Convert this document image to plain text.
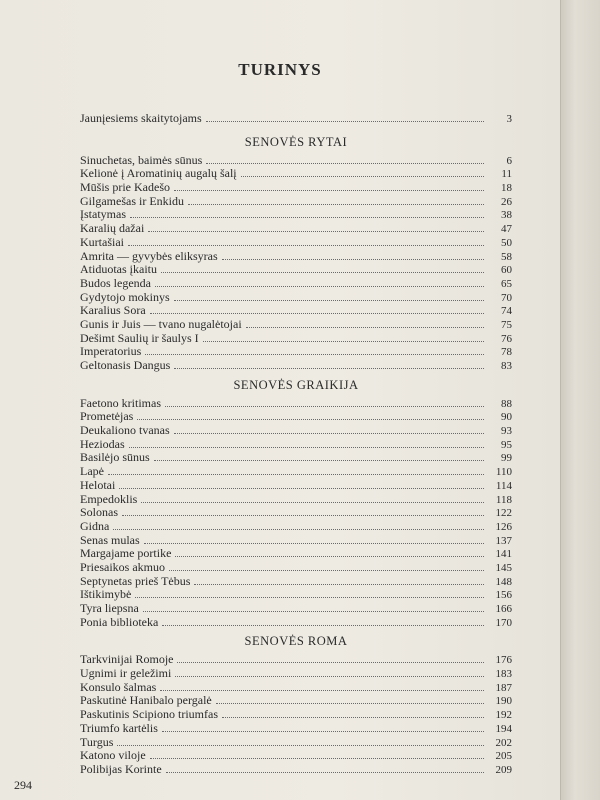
TURINYS
Jaunįesiems skaitytojams	3
SENOVĖS RYTAI
Sinuchetas, baimės sūnus	6
Kelionė į Aromatinių augalų šalį	11
Mūšis prie Kadešo	18
Gilgamešas ir Enkidu	26
Įstatymas	38
Karalių dažai	47
Kurtašiai	50
Amrita — gyvybės eliksyras	58
Atiduotas įkaitu	60
Budos legenda	65
Gydytojo mokinys	70
Karalius Sora	74
Gunis ir Juis — tvano nugalėtojai	75
Dešimt Saulių ir šaulys I	76
Imperatorius	78
Geltonasis Dangus	83
SENOVĖS GRAIKIJA
Faetono kritimas	88
Prometėjas	90
Deukaliono tvanas	93
Heziodas	95
Basilėjo sūnus	99
Lapė	110
Helotai	114
Empedoklis	118
Solonas	122
Gidna	126
Senas mulas	137
Margajame portike	141
Priesaikos akmuo	145
Septynetas prieš Tėbus	148
Ištikimybė	156
Tyra liepsna	166
Ponia biblioteka	170
SENOVĖS ROMA
Tarkvinijai Romoje	176
Ugnimi ir geležimi	183
Konsulo šalmas	187
Paskutinė Hanibalo pergalė	190
Paskutinis Scipiono triumfas	192
Triumfo kartėlis	194
Turgus	202
Katono viloje	205
Polibijas Korinte	209
294
